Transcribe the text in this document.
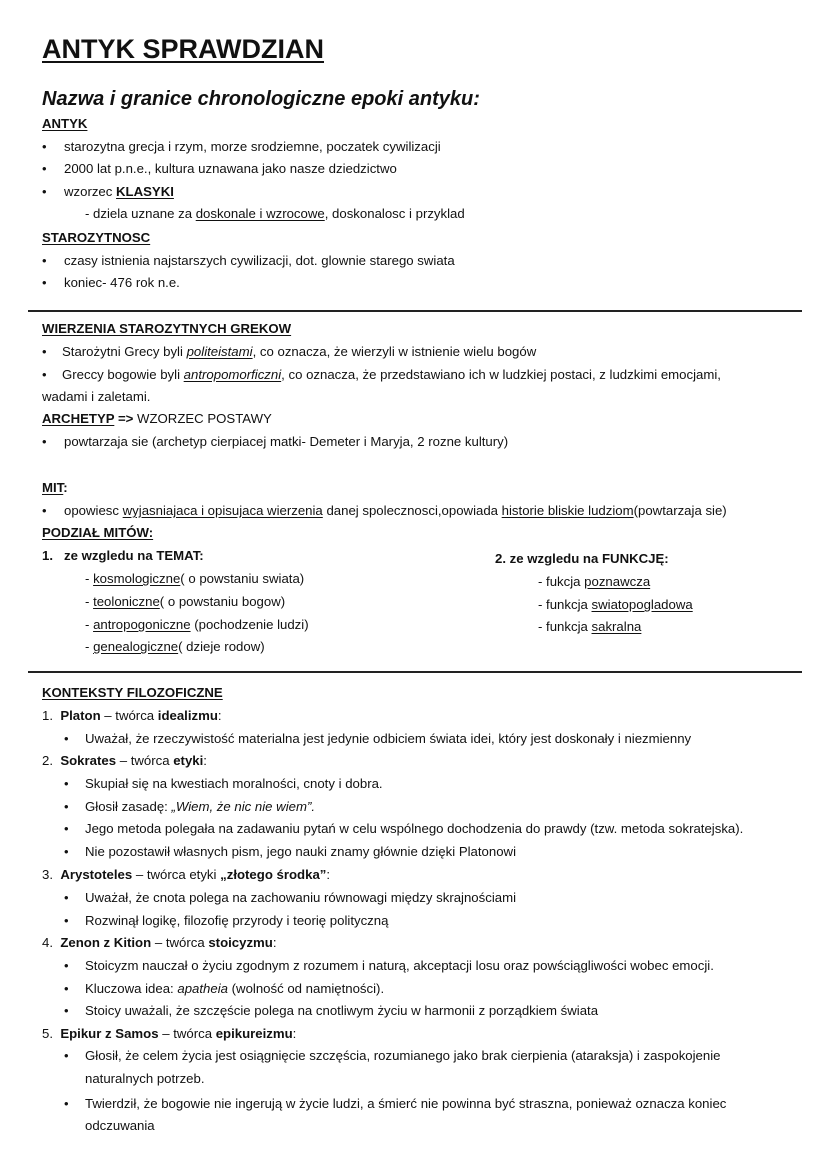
ANTYK SPRAWDZIAN
Nazwa i granice chronologiczne epoki antyku:
ANTYK
• starozytna grecja i rzym, morze srodziemne, poczatek cywilizacji
• 2000 lat p.n.e., kultura uznawana jako nasze dziedzictwo
• wzorzec KLASYKI
- dziela uznane za doskonale i wzrocowe, doskonalosc i przyklad
STAROZYTNOSC
• czasy istnienia najstarszych cywilizacji, dot. glownie starego swiata
• koniec- 476 rok n.e.
WIERZENIA STAROZYTNYCH GREKOW
• Starożytni Grecy byli politeistami, co oznacza, że wierzyli w istnienie wielu bogów
• Greccy bogowie byli antropomorficzni, co oznacza, że przedstawiano ich w ludzkiej postaci, z ludzkimi emocjami,
wadami i zaletami.
ARCHETYP => WZORZEC POSTAWY
• powtarzaja sie (archetyp cierpiacej matki- Demeter i Maryja, 2 rozne kultury)
MIT:
• opowiesc wyjasniajaca i opisujaca wierzenia danej spolecznosci,opowiada historie bliskie ludziom(powtarzaja sie)
PODZIAŁ MITÓW:
1.   ze wzgledu na TEMAT:
- kosmologiczne( o powstaniu swiata)
- teoloniczne( o powstaniu bogow)
- antropogoniczne (pochodzenie ludzi)
- genealogiczne( dzieje rodow)
2. ze wzgledu na FUNKCJĘ:
- fukcja poznawcza
- funkcja swiatopogladowa
- funkcja sakralna
KONTEKSTY FILOZOFICZNE
1. Platon – twórca idealizmu:
• Uważał, że rzeczywistość materialna jest jedynie odbiciem świata idei, który jest doskonały i niezmienny
2. Sokrates – twórca etyki:
• Skupiał się na kwestiach moralności, cnoty i dobra.
• Głosił zasadę: „Wiem, że nic nie wiem”.
• Jego metoda polegała na zadawaniu pytań w celu wspólnego dochodzenia do prawdy (tzw. metoda sokratejska).
• Nie pozostawił własnych pism, jego nauki znamy głównie dzięki Platonowi
3. Arystoteles – twórca etyki „złotego środka”:
• Uważał, że cnota polega na zachowaniu równowagi między skrajnościami
• Rozwinął logikę, filozofię przyrody i teorię polityczną
4. Zenon z Kition – twórca stoicyzmu:
• Stoicyzm nauczał o życiu zgodnym z rozumem i naturą, akceptacji losu oraz powściągliwości wobec emocji.
• Kluczowa idea: apatheia (wolność od namiętności).
• Stoicy uważali, że szczęście polega na cnotliwym życiu w harmonii z porządkiem świata
5. Epikur z Samos – twórca epikureizmu:
• Głosił, że celem życia jest osiągnięcie szczęścia, rozumianego jako brak cierpienia (ataraksja) i zaspokojenie
naturalnych potrzeb.
• Twierdził, że bogowie nie ingerują w życie ludzi, a śmierć nie powinna być straszna, ponieważ oznacza koniec
odczuwania
